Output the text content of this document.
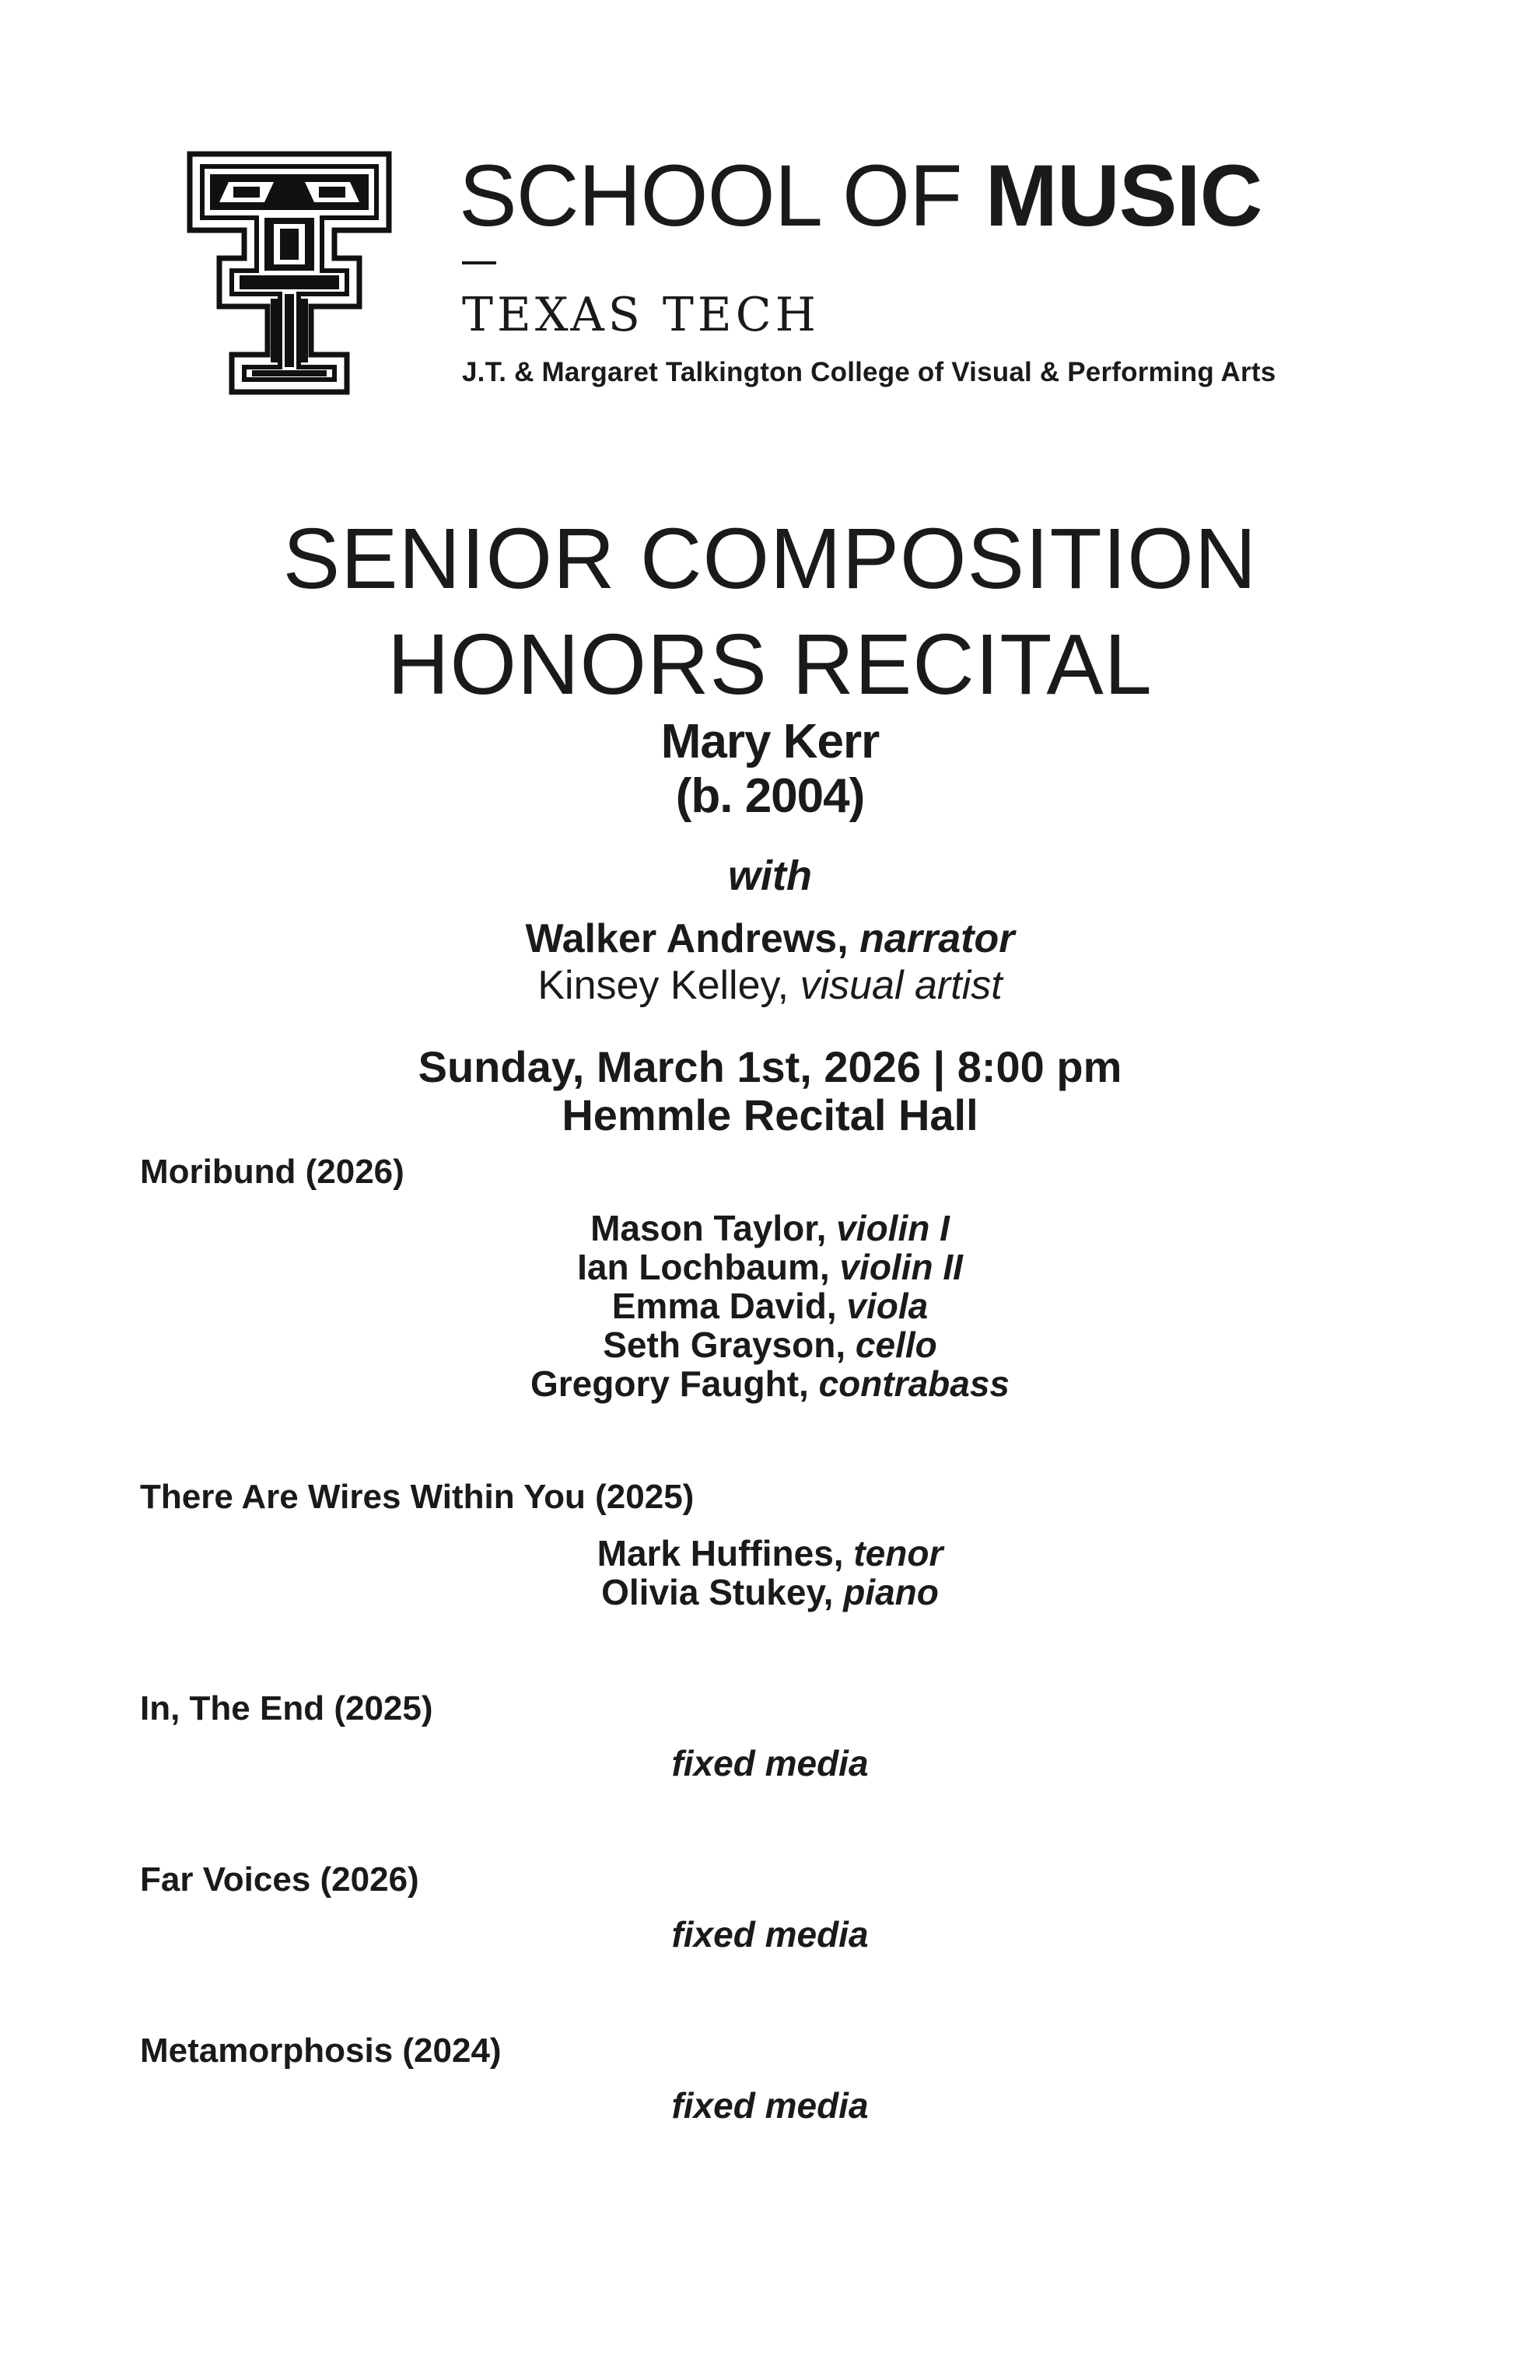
SCHOOL OF MUSIC
TEXAS TECH
J.T. & Margaret Talkington College of Visual & Performing Arts
SENIOR COMPOSITION
HONORS RECITAL
Mary Kerr
(b. 2004)
with
Walker Andrews, narrator
Kinsey Kelley, visual artist
Sunday, March 1st, 2026 | 8:00 pm
Hemmle Recital Hall
Moribund (2026)
Mason Taylor, violin I
Ian Lochbaum, violin II
Emma David, viola
Seth Grayson, cello
Gregory Faught, contrabass
There Are Wires Within You (2025)
Mark Huffines, tenor
Olivia Stukey, piano
In, The End (2025)
fixed media
Far Voices (2026)
fixed media
Metamorphosis (2024)
fixed media
